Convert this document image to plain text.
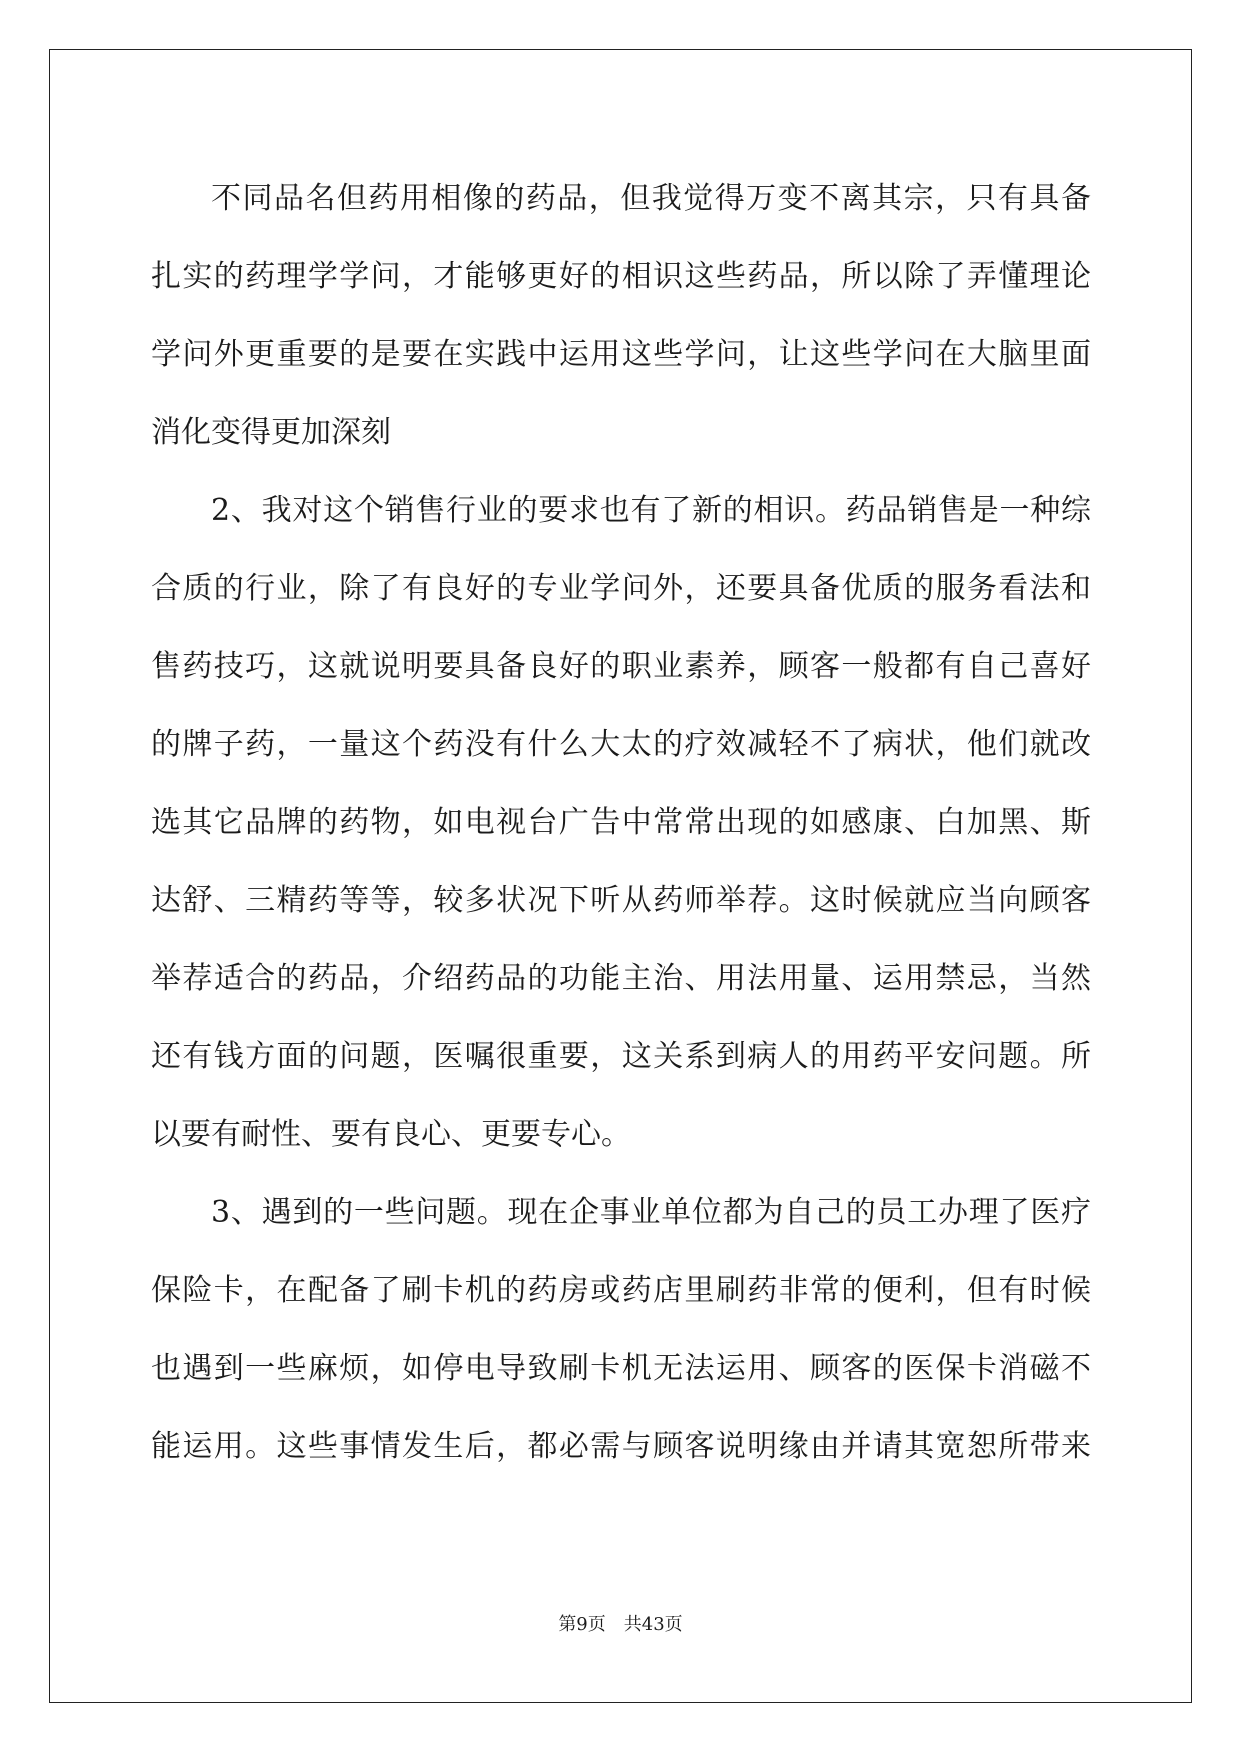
不同品名但药用相像的药品，但我觉得万变不离其宗，只有具备
扎实的药理学学问，才能够更好的相识这些药品，所以除了弄懂理论
学问外更重要的是要在实践中运用这些学问，让这些学问在大脑里面
消化变得更加深刻
2、我对这个销售行业的要求也有了新的相识。药品销售是一种综
合质的行业，除了有良好的专业学问外，还要具备优质的服务看法和
售药技巧，这就说明要具备良好的职业素养，顾客一般都有自己喜好
的牌子药，一量这个药没有什么大太的疗效减轻不了病状，他们就改
选其它品牌的药物，如电视台广告中常常出现的如感康、白加黑、斯
达舒、三精药等等，较多状况下听从药师举荐。这时候就应当向顾客
举荐适合的药品，介绍药品的功能主治、用法用量、运用禁忌，当然
还有钱方面的问题，医嘱很重要，这关系到病人的用药平安问题。所
以要有耐性、要有良心、更要专心。
3、遇到的一些问题。现在企事业单位都为自己的员工办理了医疗
保险卡，在配备了刷卡机的药房或药店里刷药非常的便利，但有时候
也遇到一些麻烦，如停电导致刷卡机无法运用、顾客的医保卡消磁不
能运用。这些事情发生后，都必需与顾客说明缘由并请其宽恕所带来
第9页 共43页
